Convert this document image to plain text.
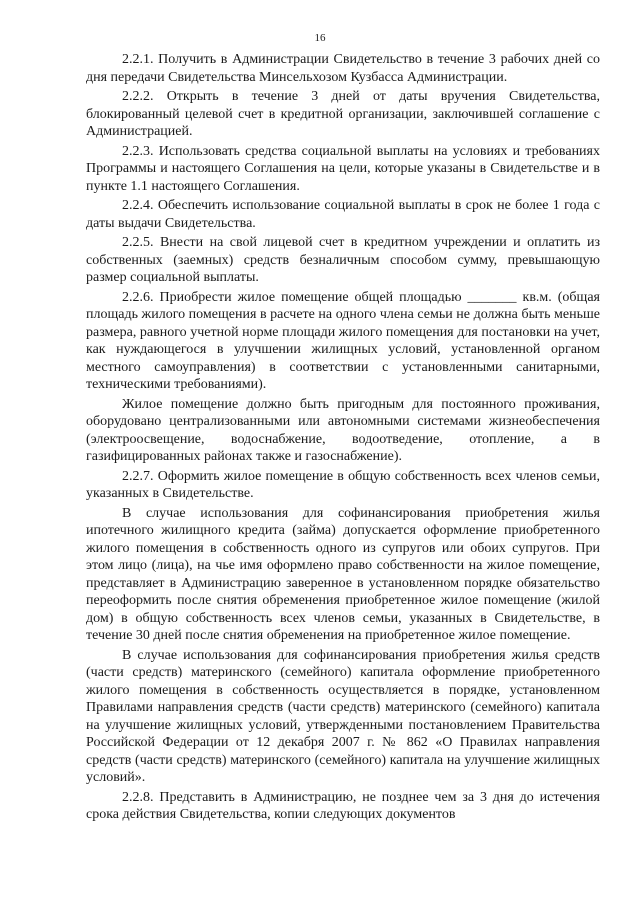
16

2.2.1. Получить в Администрации Свидетельство в течение 3 рабочих дней со дня передачи Свидетельства Минсельхозом Кузбасса Администрации.

2.2.2. Открыть в течение 3 дней от даты вручения Свидетельства, блокированный целевой счет в кредитной организации, заключившей соглашение с Администрацией.

2.2.3. Использовать средства социальной выплаты на условиях и требованиях Программы и настоящего Соглашения на цели, которые указаны в Свидетельстве и в пункте 1.1 настоящего Соглашения.

2.2.4. Обеспечить использование социальной выплаты в срок не более 1 года с даты выдачи Свидетельства.

2.2.5. Внести на свой лицевой счет в кредитном учреждении и оплатить из собственных (заемных) средств безналичным способом сумму, превышающую размер социальной выплаты.

2.2.6. Приобрести жилое помещение общей площадью _______ кв.м. (общая площадь жилого помещения в расчете на одного члена семьи не должна быть меньше размера, равного учетной норме площади жилого помещения для постановки на учет, как нуждающегося в улучшении жилищных условий, установленной органом местного самоуправления) в соответствии с установленными санитарными, техническими требованиями).

Жилое помещение должно быть пригодным для постоянного проживания, оборудовано централизованными или автономными системами жизнеобеспечения (электроосвещение, водоснабжение, водоотведение, отопление, а в газифицированных районах также и газоснабжение).

2.2.7. Оформить жилое помещение в общую собственность всех членов семьи, указанных в Свидетельстве.

В случае использования для софинансирования приобретения жилья ипотечного жилищного кредита (займа) допускается оформление приобретенного жилого помещения в собственность одного из супругов или обоих супругов. При этом лицо (лица), на чье имя оформлено право собственности на жилое помещение, представляет в Администрацию заверенное в установленном порядке обязательство переоформить после снятия обременения приобретенное жилое помещение (жилой дом) в общую собственность всех членов семьи, указанных в Свидетельстве, в течение 30 дней после снятия обременения на приобретенное жилое помещение.

В случае использования для софинансирования приобретения жилья средств (части средств) материнского (семейного) капитала оформление приобретенного жилого помещения в собственность осуществляется в порядке, установленном Правилами направления средств (части средств) материнского (семейного) капитала на улучшение жилищных условий, утвержденными постановлением Правительства Российской Федерации от 12 декабря 2007 г. № 862 «О Правилах направления средств (части средств) материнского (семейного) капитала на улучшение жилищных условий».

2.2.8. Представить в Администрацию, не позднее чем за 3 дня до истечения срока действия Свидетельства, копии следующих документов
